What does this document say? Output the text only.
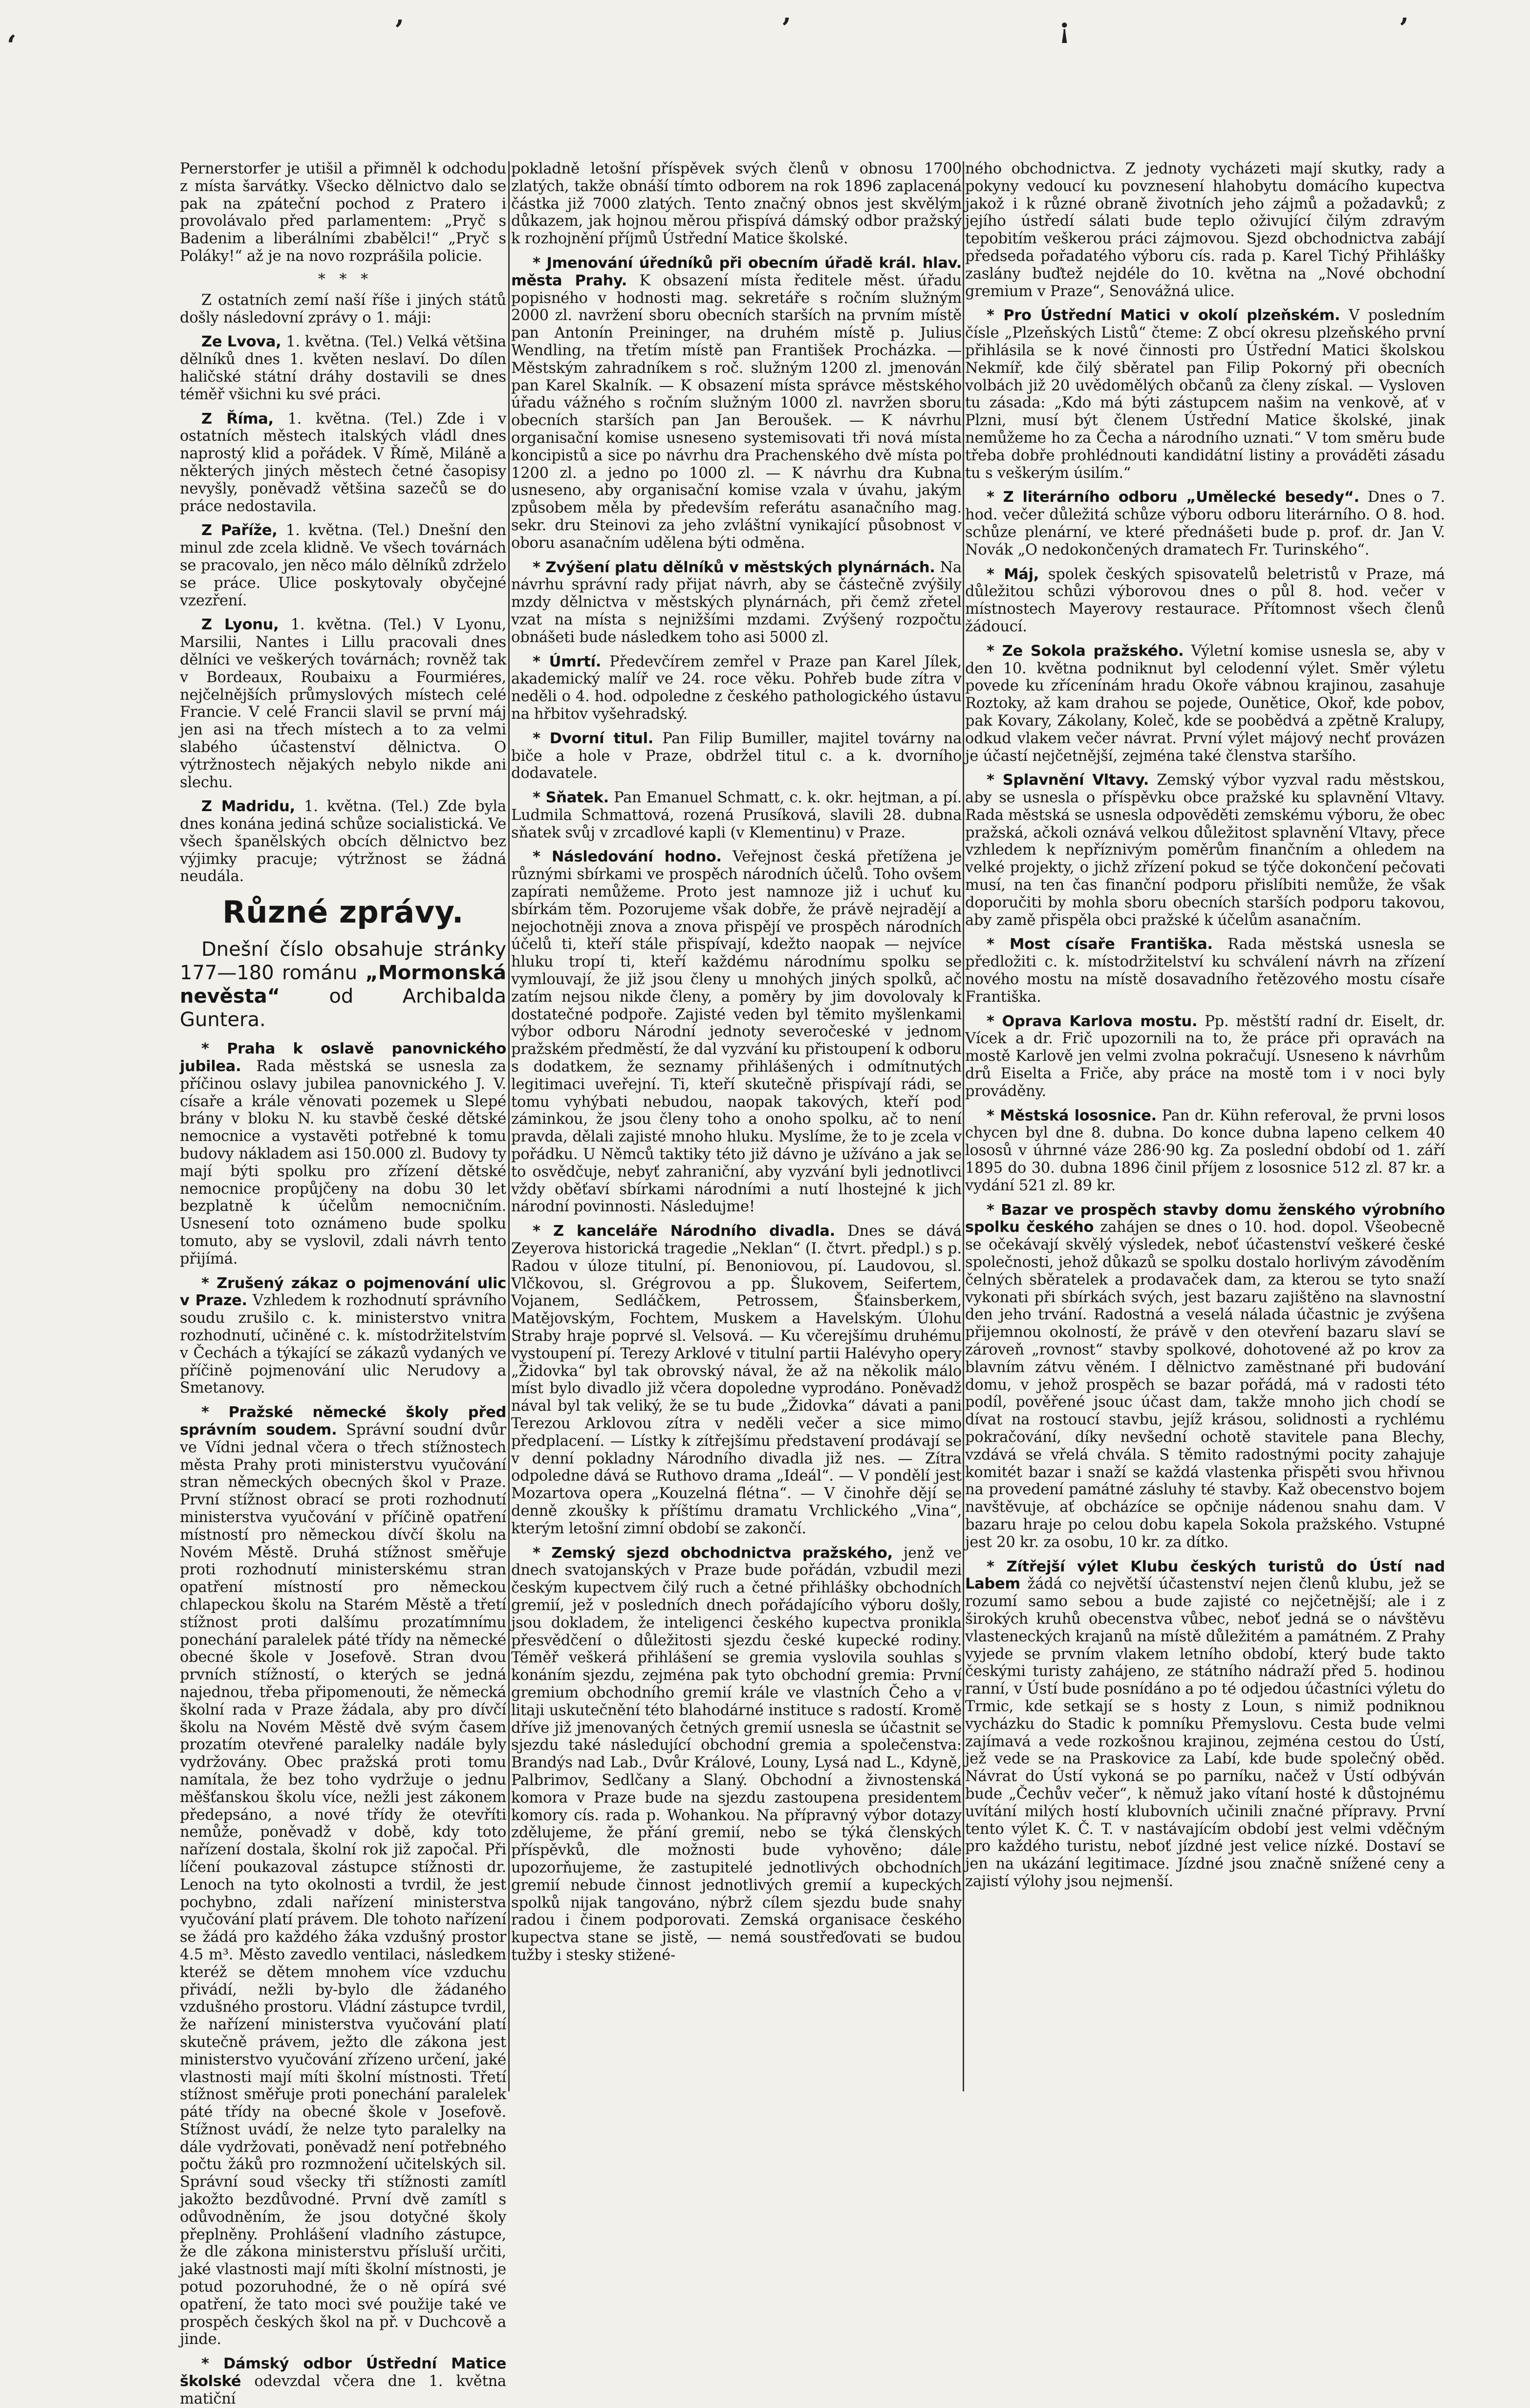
‘	ʼ	ʼ	¡	ʼ

Pernerstorfer je utišil a přimněl k odchodu z místa šarvátky. Všecko dělnictvo dalo se pak na zpáteční pochod z Pratero i provolávalo před parlamentem: „Pryč s Badenim a liberálními zbabělci!“ „Pryč s Poláky!“ až je na novo rozprášila policie.

*   *   *

Z ostatních zemí naší říše i jiných států došly následovní zprávy o 1. máji:

Ze Lvova, 1. května. (Tel.) Velká většina dělníků dnes 1. květen neslaví. Do dílen haličské státní dráhy dostavili se dnes téměř všichni ku své práci.

Z Říma, 1. května. (Tel.) Zde i v ostatních městech italských vládl dnes naprostý klid a pořádek. V Římě, Miláně a některých jiných městech četné časopisy nevyšly, poněvadž většina sazečů se do práce nedostavila.

Z Paříže, 1. května. (Tel.) Dnešní den minul zde zcela klidně. Ve všech továrnách se pracovalo, jen něco málo dělníků zdrželo se práce. Ulice poskytovaly obyčejné vzezření.

Z Lyonu, 1. května. (Tel.) V Lyonu, Marsilii, Nantes i Lillu pracovali dnes dělníci ve veškerých továrnách; rovněž tak v Bordeaux, Roubaixu a Fourmiéres, nejčelnějších průmyslových místech celé Francie. V celé Francii slavil se první máj jen asi na třech místech a to za velmi slabého účastenství dělnictva. O výtržnostech nějakých nebylo nikde ani slechu.

Z Madridu, 1. května. (Tel.) Zde byla dnes konána jediná schůze socialistická. Ve všech španělských obcích dělnictvo bez výjimky pracuje; výtržnost se žádná neudála.

Různé zprávy.

Dnešní číslo obsahuje stránky 177—180 románu „Mormonská nevěsta“	od Archibalda Guntera.

* Praha k oslavě panovnického jubilea. Rada městská se usnesla za příčinou oslavy jubilea panovnického J. V. císaře a krále věnovati pozemek u Slepé brány v bloku N. ku stavbě české dětské nemocnice a vystavěti potřebné k tomu budovy nákladem asi 150.000 zl. Budovy ty mají býti spolku pro zřízení dětské nemocnice propůjčeny na dobu 30 let bezplatně k účelům nemocničním. Usnesení toto oznámeno bude spolku tomuto, aby se vyslovil, zdali návrh tento přijímá.

* Zrušený zákaz o pojmenování ulic v Praze. Vzhledem k rozhodnutí správního soudu zrušilo c. k. ministerstvo vnitra rozhodnutí, učiněné c. k. místodržitelstvím v Čechách a týkající se zákazů vydaných ve příčině pojmenování ulic Nerudovy a Smetanovy.

* Pražské německé školy před správním soudem. Správní soudní dvůr ve Vídni jednal včera o třech stížnostech města Prahy proti ministerstvu vyučování stran německých obecných škol v Praze. První stížnost obrací se proti rozhodnutí ministerstva vyučování v příčině opatření místností pro německou dívčí školu na Novém Městě. Druhá stížnost směřuje proti rozhodnutí ministerskému stran opatření místností pro německou chlapeckou školu na Starém Městě a třetí stížnost proti dalšímu prozatímnímu ponechání paralelek páté třídy na německé obecné škole v Josefově. Stran dvou prvních stížností, o kterých se jedná najednou, třeba připomenouti, že německá školní rada v Praze žádala, aby pro dívčí školu na Novém Městě dvě svým časem prozatím otevřené paralelky nadále byly vydržovány. Obec pražská proti tomu namítala, že bez toho vydržuje o jednu měšťanskou školu více, nežli jest zákonem předepsáno, a nové třídy že otevříti nemůže, poněvadž v době, kdy toto nařízení dostala, školní rok již započal. Při líčení poukazoval zástupce stížnosti dr. Lenoch na tyto okolnosti a tvrdil, že jest pochybno, zdali nařízení ministerstva vyučování platí právem. Dle tohoto nařízení se žádá pro každého žáka vzdušný prostor 4.5 m³. Město zavedlo ventilaci, následkem kteréž se dětem mnohem více vzduchu přivádí, nežli by-bylo dle žádaného vzdušného prostoru. Vládní zástupce tvrdil, že nařízení ministerstva vyučování platí skutečně právem, ježto dle zákona jest ministerstvo vyučování zřízeno určení, jaké vlastnosti mají míti školní místnosti. Třetí stížnost směřuje proti ponechání paralelek páté třídy na obecné škole v Josefově. Stížnost uvádí, že nelze tyto paralelky na dále vydržovati, poněvadž není potřebného počtu žáků pro rozmnožení učitelských sil. Správní soud všecky tři stížnosti zamítl jakožto bezdůvodné. První dvě zamítl s odůvodněním, že jsou dotyčné školy přeplněny. Prohlášení vladního zástupce, že dle zákona ministerstvu přísluší určiti, jaké vlastnosti mají míti školní místnosti, je potud pozoruhodné, že o ně opírá své opatření, že tato moci své použije také ve prospěch českých škol na př. v Duchcově a jinde.

* Dámský odbor Ústřední Matice školské odevzdal včera dne 1. května matiční

pokladně letošní příspěvek svých členů v obnosu 1700 zlatých, takže obnáší tímto odborem na rok 1896 zaplacená částka již 7000 zlatých. Tento značný obnos jest skvělým důkazem, jak hojnou měrou přispívá dámský odbor pražský k rozhojnění příjmů Ústřední Matice školské.

* Jmenování úředníků při obecním úřadě král. hlav. města Prahy. K obsazení místa ředitele měst. úřadu popisného v hodnosti mag. sekretáře s ročním služným 2000 zl. navržení sboru obecních starších na prvním místě pan Antonín Preininger, na druhém místě p. Julius Wendling, na třetím místě pan František Procházka. — Městským zahradníkem s roč. služným 1200 zl. jmenován pan Karel Skalník. — K obsazení místa správce městského úřadu vážného s ročním služným 1000 zl. navržen sboru obecních starších pan Jan Beroušek. — K návrhu organisační komise usneseno systemisovati tři nová místa koncipistů a sice po návrhu dra Prachenského dvě místa po 1200 zl. a jedno po 1000 zl. — K návrhu dra Kubna usneseno, aby organisační komise vzala v úvahu, jakým způsobem měla by především referátu asanačního mag. sekr. dru Steinovi za jeho zvláštní vynikající působnost v oboru asanačním udělena býti odměna.

* Zvýšení platu dělníků v městských plynárnách. Na návrhu správní rady přijat návrh, aby se částečně zvýšily mzdy dělnictva v městských plynárnách, při čemž zřetel vzat na místa s nejnižšími mzdami. Zvýšený rozpočtu obnášeti bude následkem toho asi 5000 zl.

* Úmrtí. Předevčírem zemřel v Praze pan Karel Jílek, akademický malíř ve 24. roce věku. Pohřeb bude zítra v neděli o 4. hod. odpoledne z českého pathologického ústavu na hřbitov vyšehradský.

* Dvorní titul. Pan Filip Bumiller, majitel továrny na biče a hole v Praze, obdržel titul c. a k. dvorního dodavatele.

* Sňatek. Pan Emanuel Schmatt, c. k. okr. hejtman, a pí. Ludmila Schmattová, rozená Prusíková, slavili 28. dubna sňatek svůj v zrcadlové kapli (v Klementinu) v Praze.

* Následování hodno. Veřejnost česká přetížena je různými sbírkami ve prospěch národních účelů. Toho ovšem zapírati nemůžeme. Proto jest namnoze již i uchuť ku sbírkám těm. Pozorujeme však dobře, že právě nejradějí a nejochotněji znova a znova přispějí ve prospěch národních účelů ti, kteří stále přispívají, kdežto naopak — nejvíce hluku tropí ti, kteří každému národnímu spolku se vymlouvají, že již jsou členy u mnohých jiných spolků, ač zatím nejsou nikde členy, a poměry by jim dovolovaly k dostatečné podpoře. Zajisté veden byl těmito myšlenkami výbor odboru Národní jednoty severočeské v jednom pražském předměstí, že dal vyzvání ku přistoupení k odboru s dodatkem, že seznamy přihlášených i odmítnutých legitimaci uveřejní. Ti, kteří skutečně přispívají rádi, se tomu vyhýbati nebudou, naopak takových, kteří pod záminkou, že jsou členy toho a onoho spolku, ač to není pravda, dělali zajisté mnoho hluku. Myslíme, že to je zcela v pořádku. U Němců taktiky této již dávno je užíváno a jak se to osvědčuje, nebyť zahraniční, aby vyzvání byli jednotlivci vždy oběťaví sbírkami národními a nutí lhostejné k jich národní povinnosti. Následujme!

* Z kanceláře Národního divadla. Dnes se dává Zeyerova historická tragedie „Neklan“ (I. čtvrt. předpl.) s p. Radou v úloze titulní, pí. Benoniovou, pí. Laudovou, sl. Vlčkovou, sl. Grégrovou a pp. Šlukovem, Seifertem, Vojanem, Sedláčkem, Petrossem, Šťainsberkem, Matějovským, Fochtem, Muskem a Havelským. Úlohu Straby hraje poprvé sl. Velsová. — Ku včerejšímu druhému vystoupení pí. Terezy Arklové v titulní partii Halévyho opery „Židovka“ byl tak obrovský nával, že až na několik málo míst bylo divadlo již včera dopoledne vyprodáno. Poněvadž nával byl tak veliký, že se tu bude „Židovka“ dávati a pani Terezou Arklovou zítra v neděli večer a sice mimo předplacení. — Lístky k zítřejšímu představení prodávají se v denní pokladny Národního divadla již nes. — Zítra odpoledne dává se Ruthovo drama „Ideál“. — V pondělí jest Mozartova opera „Kouzelná flétna“. — V činohře dějí se denně zkoušky k příštímu dramatu Vrchlického „Vina“, kterým letošní zimní období se zakončí.

* Zemský sjezd obchodnictva pražského, jenž ve dnech svatojanských v Praze bude pořádán, vzbudil mezi českým kupectvem čilý ruch a četné přihlášky obchodních gremií, jež v posledních dnech pořádajícího výboru došly, jsou dokladem, že inteligenci českého kupectva pronikla přesvědčení o důležitosti sjezdu české kupecké rodiny. Téměř veškerá přihlášení se gremia vyslovila souhlas s konáním sjezdu, zejména pak tyto obchodní gremia: První gremium obchodního gremií krále ve vlastních Čeho a v litaji uskutečnění této blahodárné instituce s radostí. Kromě dříve již jmenovaných četných gremií usnesla se účastnit se sjezdu také následující obchodní gremia a společenstva: Brandýs nad Lab., Dvůr Králové, Louny, Lysá nad L., Kdyně, Palbrimov, Sedlčany a Slaný. Obchodní a živnostenská komora v Praze bude na sjezdu zastoupena presidentem komory cís. rada p. Wohankou. Na přípravný výbor dotazy zdělujeme, že přání gremií, nebo se týká členských příspěvků, dle možnosti bude vyhověno; dále upozorňujeme, že zastupitelé jednotlivých obchodních gremií nebude činnost jednotlivých gremií a kupeckých spolků nijak tangováno, nýbrž cílem sjezdu bude snahy radou i činem podporovati. Zemská organisace českého kupectva stane se jistě, — nemá soustřeďovati se budou tužby i stesky stižené-

ného obchodnictva. Z jednoty vycházeti mají skutky, rady a pokyny vedoucí ku povznesení hlahobytu domácího kupectva jakož i k různé obraně životních jeho zájmů a požadavků; z jejího ústředí sálati bude teplo oživující čilým zdravým tepobitím veškerou práci zájmovou. Sjezd obchodnictva zabájí předseda pořadatého výboru cís. rada p. Karel Tichý Přihlášky zaslány buďtež nejdéle do 10. května na „Nové obchodní gremium v Praze“, Senovážná ulice.

* Pro Ústřední Matici v okolí plzeňském. V posledním čísle „Plzeňských Listů“ čteme: Z obcí okresu plzeňského první přihlásila se k nové činnosti pro Ústřední Matici školskou Nekmíř, kde čilý sběratel pan Filip Pokorný při obecních volbách již 20 uvědomělých občanů za členy získal. — Vysloven tu zásada: „Kdo má býti zástupcem našim na venkově, ať v Plzni, musí být členem Ústřední Matice školské, jinak nemůžeme ho za Čecha a národního uznati.“ V tom směru bude třeba dobře prohlédnouti kandidátní listiny a prováděti zásadu tu s veškerým úsilím.“

* Z literárního odboru „Umělecké besedy“. Dnes o 7. hod. večer důležitá schůze výboru odboru literárního. O 8. hod. schůze plenární, ve které přednášeti bude p. prof. dr. Jan V. Novák „O nedokončených dramatech Fr. Turinského“.

* Máj, spolek českých spisovatelů beletristů v Praze, má důležitou schůzi výborovou dnes o půl 8. hod. večer v místnostech Mayerovy restaurace. Přítomnost všech členů žádoucí.

* Ze Sokola pražského. Výletní komise usnesla se, aby v den 10. května podniknut byl celodenní výlet. Směr výletu povede ku zřícenínám hradu Okoře vábnou krajinou, zasahuje Roztoky, až kam drahou se pojede, Ounětice, Okoř, kde pobov, pak Kovary, Zákolany, Koleč, kde se poobědvá a zpětně Kralupy, odkud vlakem večer návrat. První výlet májový nechť provázen je účastí nejčetnější, zejména také členstva staršího.

* Splavnění Vltavy. Zemský výbor vyzval radu městskou, aby se usnesla o příspěvku obce pražské ku splavnění Vltavy. Rada městská se usnesla odpověděti zemskému výboru, že obec pražská, ačkoli oznává velkou důležitost splavnění Vltavy, přece vzhledem k nepříznivým poměrům finančním a ohledem na velké projekty, o jichž zřízení pokud se týče dokončení pečovati musí, na ten čas finanční podporu přislíbiti nemůže, že však doporučiti by mohla sboru obecních starších podporu takovou, aby zamě přispěla obci pražské k účelům asanačním.

* Most císaře Františka. Rada městská usnesla se předložiti c. k. místodržitelství ku schválení návrh na zřízení nového mostu na místě dosavadního řetězového mostu císaře Františka.

* Oprava Karlova mostu. Pp. městští radní dr. Eiselt, dr. Vícek a dr. Frič upozornili na to, že práce při opravách na mostě Karlově jen velmi zvolna pokračují. Usneseno k návrhům drů Eiselta a Friče, aby práce na mostě tom i v noci byly prováděny.

* Městská lososnice. Pan dr. Kühn referoval, že prvni losos chycen byl dne 8. dubna. Do konce dubna lapeno celkem 40 lososů v úhrnné váze 286·90 kg. Za poslední období od 1. září 1895 do 30. dubna 1896 činil příjem z lososnice 512 zl. 87 kr. a vydání 521 zl. 89 kr.

* Bazar ve prospěch stavby domu ženského výrobního spolku českého zahájen se dnes o 10. hod. dopol. Všeobecně se očekávají skvělý výsledek, neboť účastenství veškeré české společnosti, jehož důkazů se spolku dostalo horlivým závoděním čelných sběratelek a prodavaček dam, za kterou se tyto snaží vykonati při sbírkách svých, jest bazaru zajištěno na slavnostní den jeho trvání. Radostná a veselá nálada účastnic je zvýšena přijemnou okolností, že právě v den otevření bazaru slaví se zároveň „rovnost“ stavby spolkové, dohotovené až po krov za blavním zátvu věném. I dělnictvo zaměstnané při budování domu, v jehož prospěch se bazar pořádá, má v radosti této podíl, pověřené jsouc účast dam, takže mnoho jich chodí se dívat na rostoucí stavbu, jejíž krásou, solidnosti a rychlému pokračování, díky nevšední ochotě stavitele pana Blechy, vzdává se vřelá chvála. S těmito radostnými pocity zahajuje komitét bazar i snaží se každá vlastenka přispěti svou hřivnou na provedení památné zásluhy té stavby. Kaž obecenstvo bojem navštěvuje, ať obcházíce se opčnije nádenou snahu dam. V bazaru hraje po celou dobu kapela Sokola pražského. Vstupné jest 20 kr. za osobu, 10 kr. za dítko.

* Zítřejší výlet Klubu českých turistů do Ústí nad Labem žádá co největší účastenství nejen členů klubu, jež se rozumí samo sebou a bude zajisté co nejčetnější; ale i z širokých kruhů obecenstva vůbec, neboť jedná se o návštěvu vlasteneckých krajanů na místě důležitém a památném. Z Prahy vyjede se prvním vlakem letního období, který bude takto českými turisty zahájeno, ze státního nádraží před 5. hodinou ranní, v Ústí bude posnídáno a po té odjedou účastníci výletu do Trmic, kde setkají se s hosty z Loun, s nimiž podniknou vycházku do Stadic k pomníku Přemyslovu. Cesta bude velmi zajímavá a vede rozkošnou krajinou, zejména cestou do Ústí, jež vede se na Praskovice za Labí, kde bude společný oběd. Návrat do Ústí vykoná se po parníku, načež v Ústí odbýván bude „Čechův večer“, k němuž jako vítaní hosté k důstojnému uvítání milých hostí klubovních učinili značné přípravy. První tento výlet K. Č. T. v nastávajícím období jest velmi vděčným pro každého turistu, neboť jízdné jest velice nízké. Dostaví se jen na ukázání legitimace. Jízdné jsou značně snížené ceny a zajistí výlohy jsou nejmenší.
